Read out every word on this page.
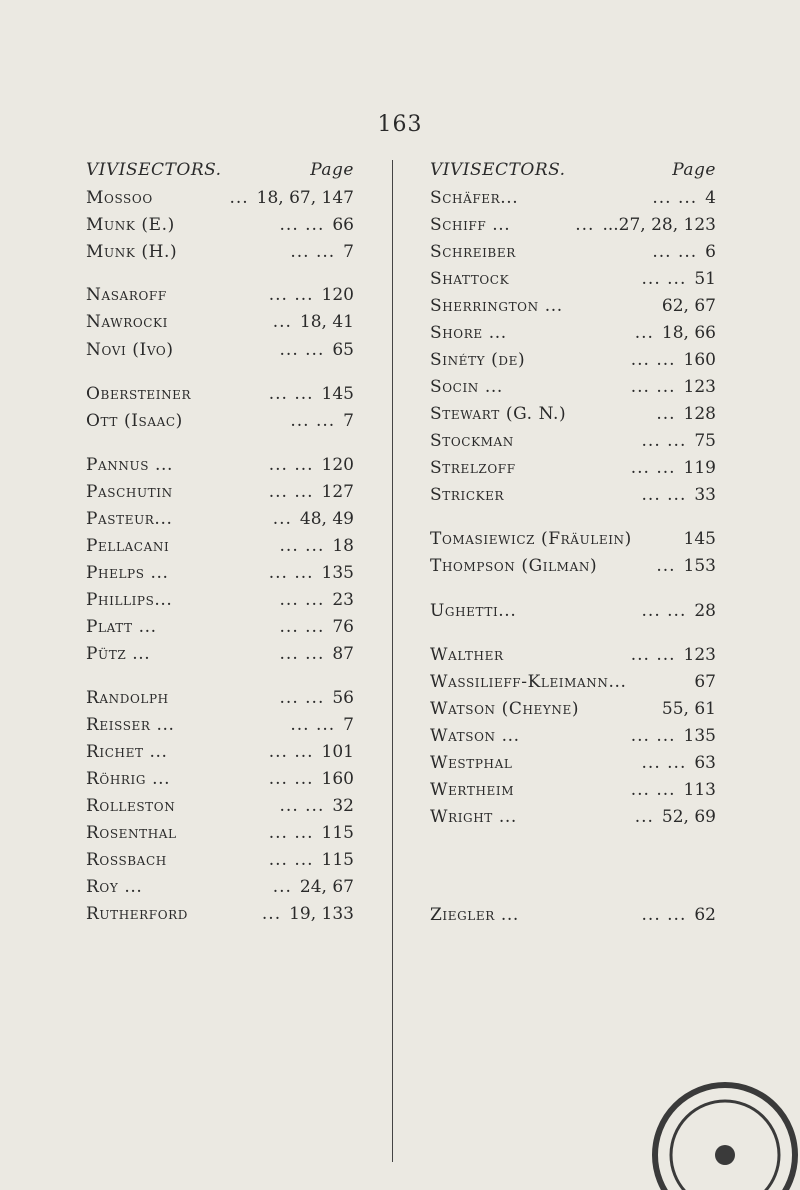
163
VIVISECTORS.	Page
Mossoo	... 18, 67, 147
Munk (E.)	... ... 66
Munk (H.)	... ... 7
Nasaroff	... ... 120
Nawrocki	... 18, 41
Novi (Ivo)	... ... 65
Obersteiner	... ... 145
Ott (Isaac)	... ... 7
Pannus ...	... ... 120
Paschutin	... ... 127
Pasteur...	... 48, 49
Pellacani	... ... 18
Phelps ...	... ... 135
Phillips...	... ... 23
Platt ...	... ... 76
Pütz ...	... ... 87
Randolph	... ... 56
Reisser ...	... ... 7
Richet ...	... ... 101
Röhrig ...	... ... 160
Rolleston	... ... 32
Rosenthal	... ... 115
Rossbach	... ... 115
Roy ...	... 24, 67
Rutherford	... 19, 133
VIVISECTORS.	Page
Schäfer...	... ... 4
Schiff ...	... ...27, 28, 123
Schreiber	... ... 6
Shattock	... ... 51
Sherrington ...	62, 67
Shore ...	... 18, 66
Sinéty (de)	... ... 160
Socin ...	... ... 123
Stewart (G. N.)	... 128
Stockman	... ... 75
Strelzoff	... ... 119
Stricker	... ... 33
Tomasiewicz (Fräulein)	145
Thompson (Gilman)	... 153
Ughetti...	... ... 28
Walther	... ... 123
Wassilieff-Kleimann...	67
Watson (Cheyne)	55, 61
Watson ...	... ... 135
Westphal	... ... 63
Wertheim	... ... 113
Wright ...	... 52, 69
Ziegler ...	... ... 62
